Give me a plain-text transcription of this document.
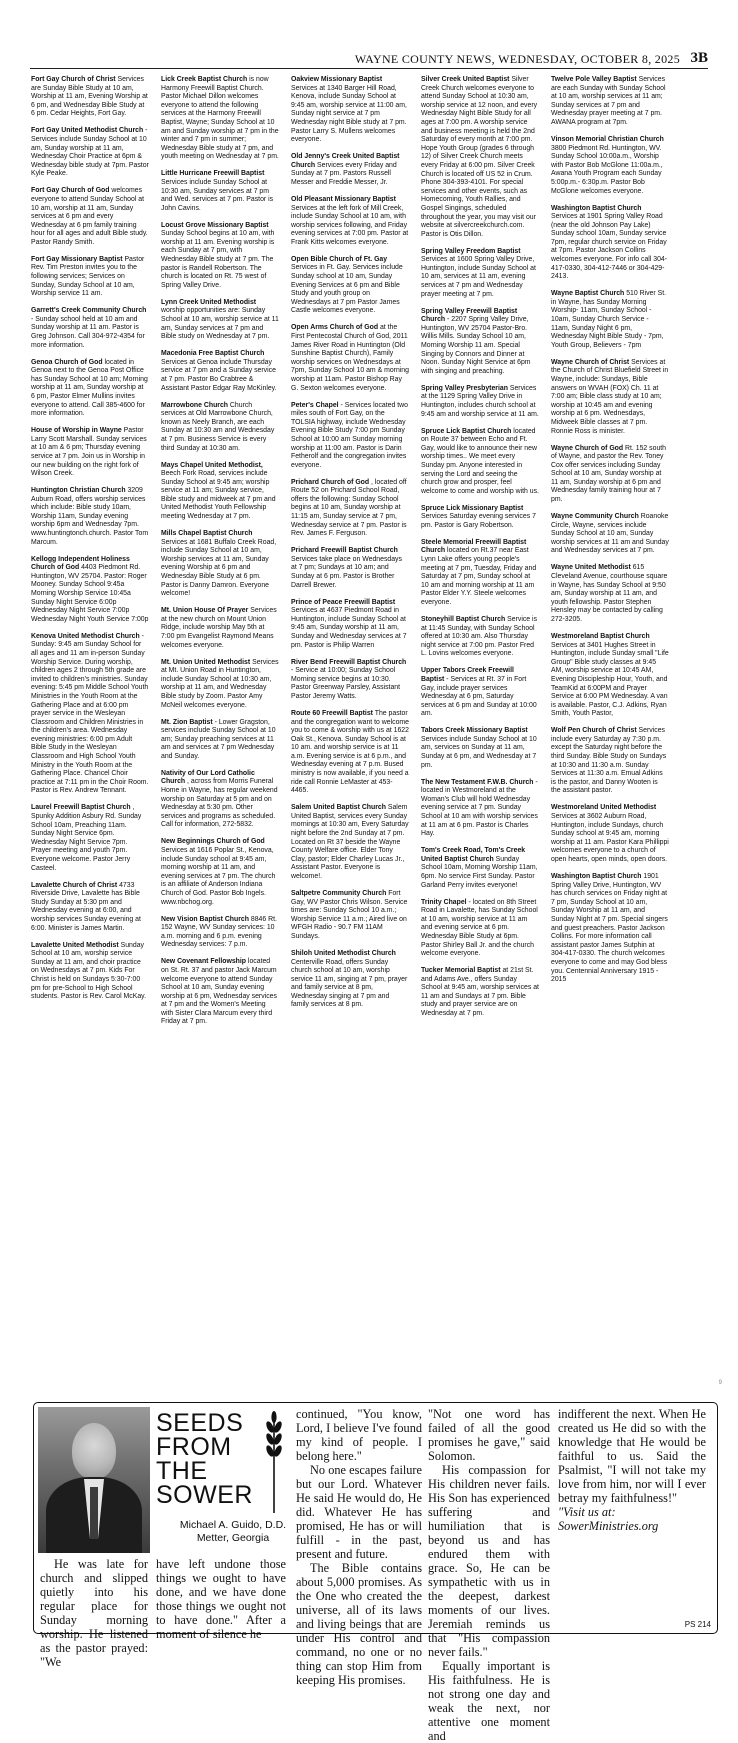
WAYNE COUNTY NEWS, WEDNESDAY, OCTOBER 8, 2025 3B
Fort Gay Church of Christ Services are Sunday Bible Study at 10 am, Worship at 11 am, Evening Worship at 6 pm, and Wednesday Bible Study at 6 pm. Cedar Heights, Fort Gay.
Fort Gay United Methodist Church - Services include Sunday School at 10 am, Sunday worship at 11 am, Wednesday Choir Practice at 6pm & Wednesday bible study at 7pm. Pastor Kyle Peake.
Fort Gay Church of God welcomes everyone to attend Sunday School at 10 am, worship at 11 am, Sunday services at 6 pm and every Wednesday at 6 pm family training hour for all ages and adult Bible study. Pastor Randy Smith.
Fort Gay Missionary Baptist Pastor Rev. Tim Preston invites you to the following services; Services on Sunday, Sunday School at 10 am, Worship service 11 am.
Garrett's Creek Community Church - Sunday school held at 10 am and Sunday worship at 11 am. Pastor is Greg Johnson. Call 304-972-4354 for more information.
Genoa Church of God located in Genoa next to the Genoa Post Office has Sunday School at 10 am; Morning worship at 11 am, Sunday worship at 6 pm, Pastor Elmer Mullins invites everyone to attend. Call 385-4600 for more information.
House of Worship in Wayne Pastor Larry Scott Marshall. Sunday services at 10 am & 6 pm; Thursday evening service at 7 pm. Join us in Worship in our new building on the right fork of Wilson Creek.
Huntington Christian Church 3209 Auburn Road, offers worship services which include: Bible study 10am, Worship 11am, Sunday evening worship 6pm and Wednesday 7pm. www.huntingtonch.church. Pastor Tom Marcum.
Kellogg Independent Holiness Church of God 4403 Piedmont Rd. Huntington, WV 25704. Pastor: Roger Mooney. Sunday School 9:45a Morning Worship Service 10:45a Sunday Night Service 6:00p Wednesday Night Service 7:00p Wednesday Night Youth Service 7:00p
Kenova United Methodist Church - Sunday: 9:45 am Sunday School for all ages and 11 am in-person Sunday Worship Service. During worship, children ages 2 through 5th grade are invited to children's ministries. Sunday evening: 5:45 pm Middle School Youth Ministries in the Youth Room at the Gathering Place and at 6:00 pm prayer service in the Wesleyan Classroom and Children Ministries in the children's area. Wednesday evening ministries: 6:00 pm Adult Bible Study in the Wesleyan Classroom and High School Youth Ministry in the Youth Room at the Gathering Place. Chancel Choir practice at 7:11 pm in the Choir Room. Pastor is Rev. Andrew Tennant.
Laurel Freewill Baptist Church , Spunky Addition Asbury Rd. Sunday School 10am, Preaching 11am. Sunday Night Service 6pm. Wednesday Night Service 7pm. Prayer meeting and youth 7pm. Everyone welcome. Pastor Jerry Casteel.
Lavalette Church of Christ 4733 Riverside Drive, Lavalette has Bible Study Sunday at 5:30 pm and Wednesday evening at 6:00, and worship services Sunday evening at 6:00. Minister is James Martin.
Lavalette United Methodist Sunday School at 10 am, worship service Sunday at 11 am, and choir practice on Wednesdays at 7 pm. Kids For Christ is held on Sundays 5:30-7:00 pm for pre-School to High School students. Pastor is Rev. Carol McKay.
Lick Creek Baptist Church is now Harmony Freewill Baptist Church. Pastor Michael Dillon welcomes everyone to attend the following services at the Harmony Freewill Baptist, Wayne; Sunday School at 10 am and Sunday worship at 7 pm in the winter and 7 pm in summer; Wednesday Bible study at 7 pm, and youth meeting on Wednesday at 7 pm.
Little Hurricane Freewill Baptist Services include Sunday School at 10:30 am, Sunday services at 7 pm and Wed. services at 7 pm. Pastor is John Cavins.
Locust Grove Missionary Baptist Sunday School begins at 10 am, with worship at 11 am. Evening worship is each Sunday at 7 pm, with Wednesday Bible study at 7 pm. The pastor is Randell Robertson. The church is located on Rt. 75 west of Spring Valley Drive.
Lynn Creek United Methodist worship opportunities are: Sunday School at 10 am, worship service at 11 am, Sunday services at 7 pm and Bible study on Wednesday at 7 pm.
Macedonia Free Baptist Church Services at Genoa include Thursday service at 7 pm and a Sunday service at 7 pm. Pastor Bo Crabtree & Assistant Pastor Edgar Ray McKinley.
Marrowbone Church Church services at Old Marrowbone Church, known as Neely Branch, are each Sunday at 10:30 am and Wednesday at 7 pm. Business Service is every third Sunday at 10:30 am.
Mays Chapel United Methodist, Beech Fork Road, services include Sunday School at 9:45 am; worship service at 11 am; Sunday service, Bible study and midweek at 7 pm and United Methodist Youth Fellowship meeting Wednesday at 7 pm.
Mills Chapel Baptist Church Services at 1681 Buffalo Creek Road, include Sunday School at 10 am, Worship services at 11 am, Sunday evening Worship at 6 pm and Wednesday Bible Study at 6 pm. Pastor is Danny Damron. Everyone welcome!
Mt. Union House Of Prayer Services at the new church on Mount Union Ridge, include worship May 5th at 7:00 pm Evangelist Raymond Means welcomes everyone.
Mt. Union United Methodist Services at Mt. Union Road in Huntington, include Sunday School at 10:30 am, worship at 11 am, and Wednesday Bible study by Zoom. Pastor Amy McNeil welcomes everyone.
Mt. Zion Baptist - Lower Gragston, services include Sunday School at 10 am; Sunday preaching services at 11 am and services at 7 pm Wednesday and Sunday.
Nativity of Our Lord Catholic Church , across from Morris Funeral Home in Wayne, has regular weekend worship on Saturday at 5 pm and on Wednesday at 5:30 pm. Other services and programs as scheduled. Call for information, 272-5832.
New Beginnings Church of God Services at 1616 Poplar St., Kenova, include Sunday school at 9:45 am, morning worship at 11 am, and evening services at 7 pm. The church is an affiliate of Anderson Indiana Church of God. Pastor Bob Ingels. www.nbchog.org.
New Vision Baptist Church 8846 Rt. 152 Wayne, WV Sunday services: 10 a.m. morning and 6 p.m. evening Wednesday services: 7 p.m.
New Covenant Fellowship located on St. Rt. 37 and pastor Jack Marcum welcome everyone to attend Sunday School at 10 am, Sunday evening worship at 6 pm, Wednesday services at 7 pm and the Women's Meeting with Sister Clara Marcum every third Friday at 7 pm.
Oakview Missionary Baptist Services at 1340 Barger Hill Road, Kenova, include Sunday School at 9:45 am, worship service at 11:00 am, Sunday night service at 7 pm Wednesday night Bible study at 7 pm. Pastor Larry S. Mullens welcomes everyone.
Old Jenny's Creek United Baptist Church Services every Friday and Sunday at 7 pm. Pastors Russell Messer and Freddie Messer, Jr.
Old Pleasant Missionary Baptist Services at the left fork of Mill Creek, include Sunday School at 10 am, with worship services following, and Friday evening services at 7:00 pm. Pastor at Frank Kitts welcomes everyone.
Open Bible Church of Ft. Gay Services in Ft. Gay. Services include Sunday school at 10 am, Sunday Evening Services at 6 pm and Bible Study and youth group on Wednesdays at 7 pm Pastor James Castle welcomes everyone.
Open Arms Church of God at the First Pentecostal Church of God, 2011 James River Road in Huntington (Old Sunshine Baptist Church), Family worship services on Wednesdays at 7pm, Sunday School 10 am & morning worship at 11am. Pastor Bishop Ray G. Sexton welcomes everyone.
Peter's Chapel - Services located two miles south of Fort Gay, on the TOLSIA highway, include Wednesday Evening Bible Study 7:00 pm Sunday School at 10:00 am Sunday morning worship at 11:00 am. Pastor is Darin Fetherolf and the congregation invites everyone.
Prichard Church of God , located off Route 52 on Prichard School Road, offers the following: Sunday School begins at 10 am, Sunday worship at 11:15 am, Sunday service at 7 pm, Wednesday service at 7 pm. Pastor is Rev. James F. Ferguson.
Prichard Freewill Baptist Church Services take place on Wednesdays at 7 pm; Sundays at 10 am; and Sunday at 6 pm. Pastor is Brother Darrell Brewer.
Prince of Peace Freewill Baptist Services at 4637 Piedmont Road in Huntington, include Sunday School at 9:45 am, Sunday worship at 11 am, Sunday and Wednesday services at 7 pm. Pastor is Philip Warren
River Bend Freewill Baptist Church - Service at 10:00; Sunday School Morning service begins at 10:30. Pastor Greenway Parsley, Assistant Pastor Jeremy Watts.
Route 60 Freewill Baptist The pastor and the congregation want to welcome you to come & worship with us at 1622 Oak St., Kenova. Sunday School is at 10 am. and worship service is at 11 a.m. Evening service is at 6 p.m., and Wednesday evening at 7 p.m. Bused ministry is now available, if you need a ride call Ronnie LeMaster at 453-4465.
Salem United Baptist Church Salem United Baptist, services every Sunday mornings at 10:30 am, Every Saturday night before the 2nd Sunday at 7 pm. Located on Rt 37 beside the Wayne County Welfare office. Elder Tony Clay, pastor; Elder Charley Lucas Jr., Assistant Pastor. Everyone is welcome!.
Saltpetre Community Church Fort Gay, WV Pastor Chris Wilson. Service times are: Sunday School 10 a.m.; Worship Service 11 a.m.; Aired live on WFGH Radio - 90.7 FM 11AM Sundays.
Shiloh United Methodist Church Centerville Road, offers Sunday church school at 10 am, worship service 11 am, singing at 7 pm, prayer and family service at 8 pm, Wednesday singing at 7 pm and family services at 8 pm.
Silver Creek United Baptist Silver Creek Church welcomes everyone to attend Sunday School at 10:30 am, worship service at 12 noon, and every Wednesday Night Bible Study for all ages at 7:00 pm. A worship service and business meeting is held the 2nd Saturday of every month at 7:00 pm. Hope Youth Group (grades 6 through 12) of Silver Creek Church meets every Friday at 6:00 pm. Silver Creek Church is located off US 52 in Crum. Phone 304-393-4101. For special services and other events, such as Homecoming, Youth Rallies, and Gospel Singings, scheduled throughout the year, you may visit our website at silvercreekchurch.com. Pastor is Otis Dillon.
Spring Valley Freedom Baptist Services at 1600 Spring Valley Drive, Huntington, include Sunday School at 10 am, services at 11 am, evening services at 7 pm and Wednesday prayer meeting at 7 pm.
Spring Valley Freewill Baptist Church - 2207 Spring Valley Drive, Huntington, WV 25704 Pastor-Bro. Willis Mills. Sunday School 10 am, Morning Worship 11 am. Special Singing by Connors and Dinner at Noon. Sunday Night Service at 6pm with singing and preaching.
Spring Valley Presbyterian Services at the 1129 Spring Valley Drive in Huntington, includes church school at 9:45 am and worship service at 11 am.
Spruce Lick Baptist Church located on Route 37 between Echo and Ft. Gay, would like to announce their new worship times.. We meet every Sunday pm. Anyone interested in serving the Lord and seeing the church grow and prosper, feel welcome to come and worship with us.
Spruce Lick Missionary Baptist Services Saturday evening services 7 pm. Pastor is Gary Robertson.
Steele Memorial Freewill Baptist Church located on Rt.37 near East Lynn Lake offers young people's meeting at 7 pm, Tuesday, Friday and Saturday at 7 pm, Sunday school at 10 am and morning worship at 11 am Pastor Elder Y.Y. Steele welcomes everyone.
Stoneyhill Baptist Church Service is at 11:45 Sunday, with Sunday School offered at 10:30 am. Also Thursday night service at 7:00 pm. Pastor Fred L. Lovins welcomes everyone.
Upper Tabors Creek Freewill Baptist - Services at Rt. 37 in Fort Gay, include prayer services Wednesday at 6 pm, Saturday services at 6 pm and Sunday at 10:00 am.
Tabors Creek Missionary Baptist Services include Sunday School at 10 am, services on Sunday at 11 am, Sunday at 6 pm, and Wednesday at 7 pm.
The New Testament F.W.B. Church - located in Westmoreland at the Woman's Club will hold Wednesday evening service at 7 pm. Sunday School at 10 am with worship services at 11 am at 6 pm. Pastor is Charles Hay.
Tom's Creek Road, Tom's Creek United Baptist Church Sunday School 10am, Morning Worship 11am, 6pm. No service First Sunday. Pastor Garland Perry invites everyone!
Trinity Chapel - located on 8th Street Road in Lavalette, has Sunday School at 10 am, worship service at 11 am and evening service at 6 pm. Wednesday Bible Study at 6pm. Pastor Shirley Ball Jr. and the church welcome everyone.
Tucker Memorial Baptist at 21st St. and Adams Ave., offers Sunday School at 9:45 am, worship services at 11 am and Sundays at 7 pm. Bible study and prayer service are on Wednesday at 7 pm.
Twelve Pole Valley Baptist Services are each Sunday with Sunday School at 10 am, worship services at 11 am; Sunday services at 7 pm and Wednesday prayer meeting at 7 pm. AWANA program at 7pm.
Vinson Memorial Christian Church 3800 Piedmont Rd. Huntington, WV. Sunday School 10:00a.m., Worship with Pastor Bob McGlone 11:00a.m., Awana Youth Program each Sunday 5:00p.m.- 6:30p.m. Pastor Bob McGlone welcomes everyone.
Washington Baptist Church Services at 1901 Spring Valley Road (near the old Johnson Pay Lake) Sunday school 10am, Sunday service 7pm, regular church service on Friday at 7pm. Pastor Jackson Collins welcomes everyone. For info call 304-417-0330, 304-412-7446 or 304-429-2413.
Wayne Baptist Church 510 River St. in Wayne, has Sunday Morning Worship- 11am, Sunday School - 10am, Sunday Church Service - 11am, Sunday Night 6 pm, Wednesday Night Bible Study - 7pm, Youth Group, Believers - 7pm
Wayne Church of Christ Services at the Church of Christ Bluefield Street in Wayne, include: Sundays, Bible answers on WVAH (FOX) Ch. 11 at 7:00 am; Bible class study at 10 am; worship at 10:45 am and evening worship at 6 pm. Wednesdays, Midweek Bible classes at 7 pm. Ronnie Ross is minister.
Wayne Church of God Rt. 152 south of Wayne, and pastor the Rev. Toney Cox offer services including Sunday School at 10 am, Sunday worship at 11 am, Sunday worship at 6 pm and Wednesday family training hour at 7 pm.
Wayne Community Church Roanoke Circle, Wayne, services include Sunday School at 10 am, Sunday worship services at 11 am and Sunday and Wednesday services at 7 pm.
Wayne United Methodist 615 Cleveland Avenue, courthouse square in Wayne, has Sunday School at 9:50 am, Sunday worship at 11 am, and youth fellowship. Pastor Stephen Hensley may be contacted by calling 272-3205.
Westmoreland Baptist Church Services at 3401 Hughes Street in Huntington, include Sunday small "Life Group" Bible study classes at 9:45 AM, worship service at 10:45 AM, Evening Discipleship Hour, Youth, and TeamKid at 6:00PM and Prayer Service at 6:00 PM Wednesday. A van is available. Pastor, C.J. Adkins, Ryan Smith, Youth Pastor,
Wolf Pen Church of Christ Services include every Saturday ay 7:30 p.m. except the Saturday night before the third Sunday. Bible Study on Sundays at 10:30 and 11:30 a.m. Sunday Services at 11:30 a.m. Emual Adkins is the pastor, and Danny Wooten is the assistant pastor.
Westmoreland United Methodist Services at 3602 Auburn Road, Huntington, include Sundays, church Sunday school at 9:45 am, morning worship at 11 am. Pastor Kara Phillippi welcomes everyone to a church of open hearts, open minds, open doors.
Washington Baptist Church 1901 Spring Valley Drive, Huntington, WV has church services on Friday night at 7 pm, Sunday School at 10 am, Sunday Worship at 11 am, and Sunday Night at 7 pm. Special singers and guest preachers. Pastor Jackson Collins. For more information call assistant pastor James Sutphin at 304-417-0330. The church welcomes everyone to come and may God bless you. Centennial Anniversary 1915 - 2015
9
SEEDS
FROM
THE
SOWER
Michael A. Guido, D.D.
Metter, Georgia

He was late for church and slipped quietly into his regular place for Sunday morning worship. He listened as the pastor prayed: "We

have left undone those things we ought to have done, and we have done those things we ought not to have done." After a moment of silence he

continued, "You know, Lord, I believe I've found my kind of people. I belong here."

No one escapes failure but our Lord. Whatever He said He would do, He did. Whatever He has promised, He has or will fulfill - in the past, present and future.

The Bible contains about 5,000 promises. As the One who created the universe, all of its laws and living beings that are under His control and command, no one or no thing can stop Him from keeping His promises.

"Not one word has failed of all the good promises he gave," said Solomon.

His compassion for His children never fails. His Son has experienced suffering and humiliation that is beyond us and has endured them with grace. So, He can be sympathetic with us in the deepest, darkest moments of our lives. Jeremiah reminds us that "His compassion never fails."

Equally important is His faithfulness. He is not strong one day and weak the next, nor attentive one moment and

indifferent the next. When He created us He did so with the knowledge that He would be faithful to us. Said the Psalmist, "I will not take my love from him, nor will I ever betray my faithfulness!"

"Visit us at:

SowerMinistries.org

PS 214
